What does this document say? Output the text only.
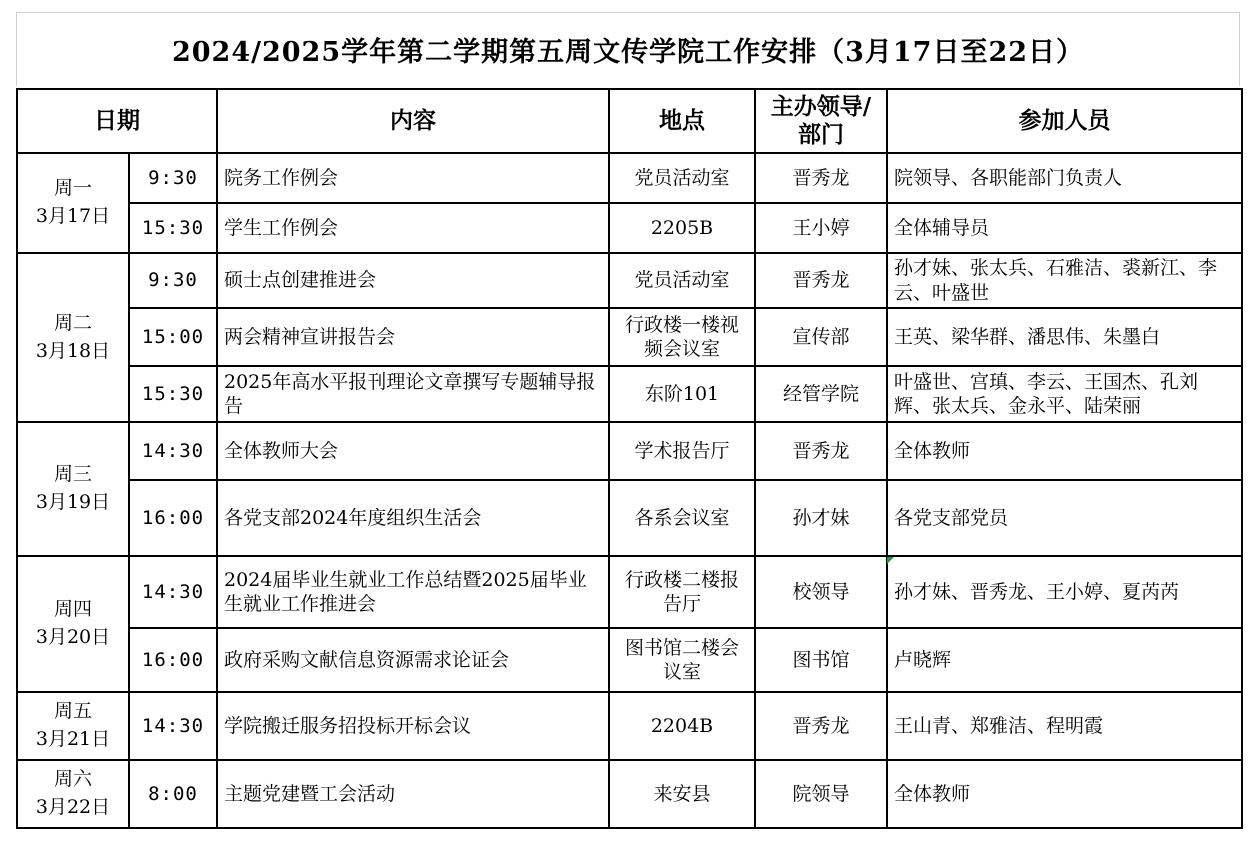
2024/2025学年第二学期第五周文传学院工作安排（3月17日至22日）
日期		内容	地点	主办领导/部门	参加人员

周一
3月17日	9:30	院务工作例会	党员活动室	晋秀龙	院领导、各职能部门负责人
	15:30	学生工作例会	2205B	王小婷	全体辅导员

周二
3月18日	9:30	硕士点创建推进会	党员活动室	晋秀龙	孙才妹、张太兵、石雅洁、裘新江、李云、叶盛世
	15:00	两会精神宣讲报告会	行政楼一楼视频会议室	宣传部	王英、梁华群、潘思伟、朱墨白
	15:30	2025年高水平报刊理论文章撰写专题辅导报告	东阶101	经管学院	叶盛世、宫瑱、李云、王国杰、孔刘辉、张太兵、金永平、陆荣丽

周三
3月19日	14:30	全体教师大会	学术报告厅	晋秀龙	全体教师
	16:00	各党支部2024年度组织生活会	各系会议室	孙才妹	各党支部党员

周四
3月20日	14:30	2024届毕业生就业工作总结暨2025届毕业生就业工作推进会	行政楼二楼报告厅	校领导	孙才妹、晋秀龙、王小婷、夏芮芮
	16:00	政府采购文献信息资源需求论证会	图书馆二楼会议室	图书馆	卢晓辉

周五
3月21日	14:30	学院搬迁服务招投标开标会议	2204B	晋秀龙	王山青、郑雅洁、程明霞

周六
3月22日	8:00	主题党建暨工会活动	来安县	院领导	全体教师
